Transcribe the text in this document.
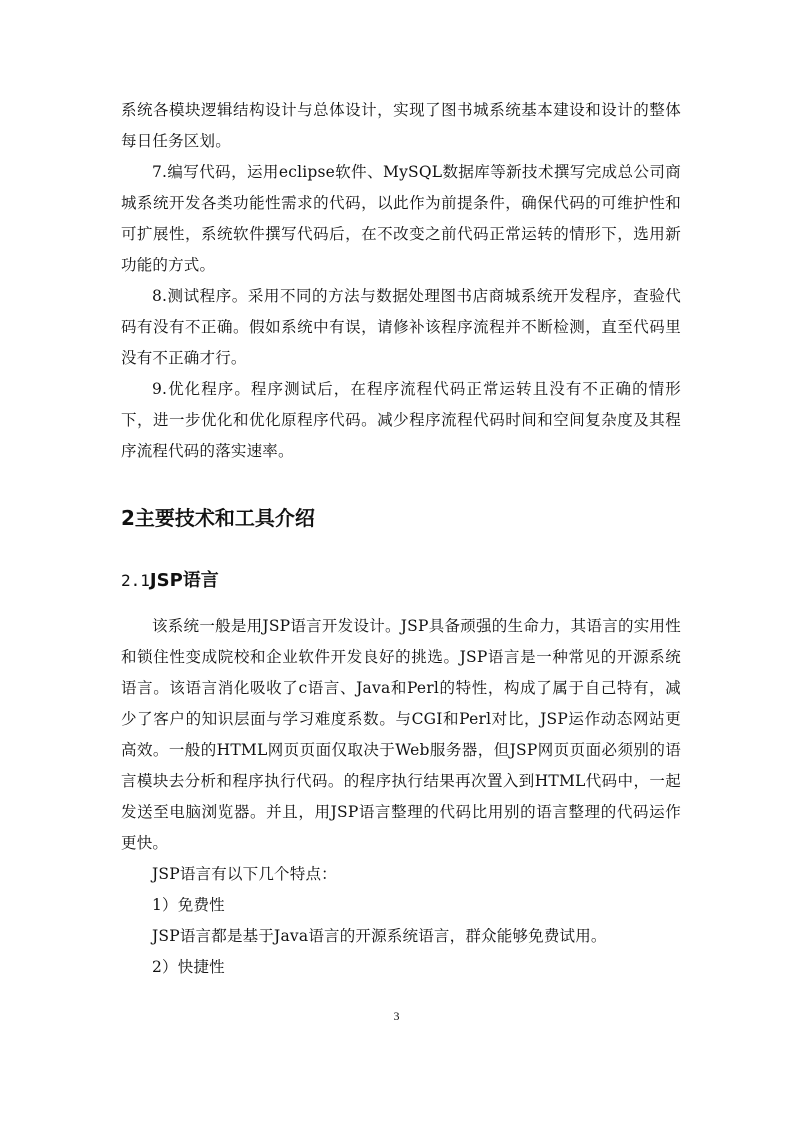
系统各模块逻辑结构设计与总体设计，实现了图书城系统基本建设和设计的整体每日任务区划。

7.编写代码，运用eclipse软件、MySQL数据库等新技术撰写完成总公司商城系统开发各类功能性需求的代码，以此作为前提条件，确保代码的可维护性和可扩展性，系统软件撰写代码后，在不改变之前代码正常运转的情形下，选用新功能的方式。

8.测试程序。采用不同的方法与数据处理图书店商城系统开发程序，查验代码有没有不正确。假如系统中有误，请修补该程序流程并不断检测，直至代码里没有不正确才行。

9.优化程序。程序测试后，在程序流程代码正常运转且没有不正确的情形下，进一步优化和优化原程序代码。减少程序流程代码时间和空间复杂度及其程序流程代码的落实速率。

2主要技术和工具介绍
2.1JSP语言

该系统一般是用JSP语言开发设计。JSP具备顽强的生命力，其语言的实用性和锁住性变成院校和企业软件开发良好的挑选。JSP语言是一种常见的开源系统语言。该语言消化吸收了c语言、Java和Perl的特性，构成了属于自己特有，减少了客户的知识层面与学习难度系数。与CGI和Perl对比，JSP运作动态网站更高效。一般的HTML网页页面仅取决于Web服务器，但JSP网页页面必须别的语言模块去分析和程序执行代码。的程序执行结果再次置入到HTML代码中，一起发送至电脑浏览器。并且，用JSP语言整理的代码比用别的语言整理的代码运作更快。

JSP语言有以下几个特点：

1）免费性

JSP语言都是基于Java语言的开源系统语言，群众能够免费试用。

2）快捷性

3
